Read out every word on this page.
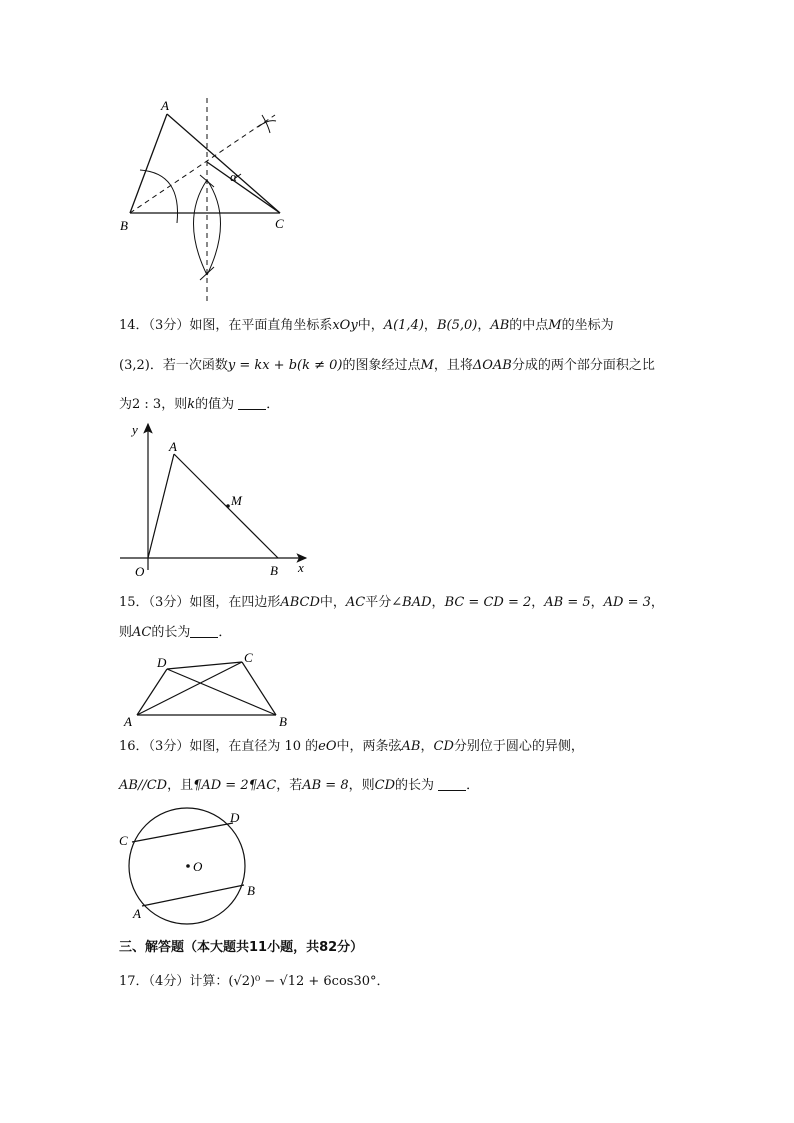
A
B	C
α
14．（3分）如图，在平面直角坐标系xOy中，A(1,4)，B(5,0)，AB的中点M的坐标为
(3,2)．若一次函数y = kx + b(k ≠ 0)的图象经过点M，且将ΔOAB分成的两个部分面积之比
为2 : 3，则k的值为 ．
y
x
O
A
B
M
15．（3分）如图，在四边形ABCD中，AC平分∠BAD，BC = CD = 2，AB = 5，AD = 3，
则AC的长为 ．
A	B
C
D
16．（3分）如图，在直径为 10 的eO中，两条弦AB，CD分别位于圆心的异侧，
AB//CD，且¶AD = 2¶AC，若AB = 8，则CD的长为 ．
O
C
D
A
B
三、解答题（本大题共11小题，共82分）
17．（4分）计算：(√2)⁰ − √12 + 6cos30°．
